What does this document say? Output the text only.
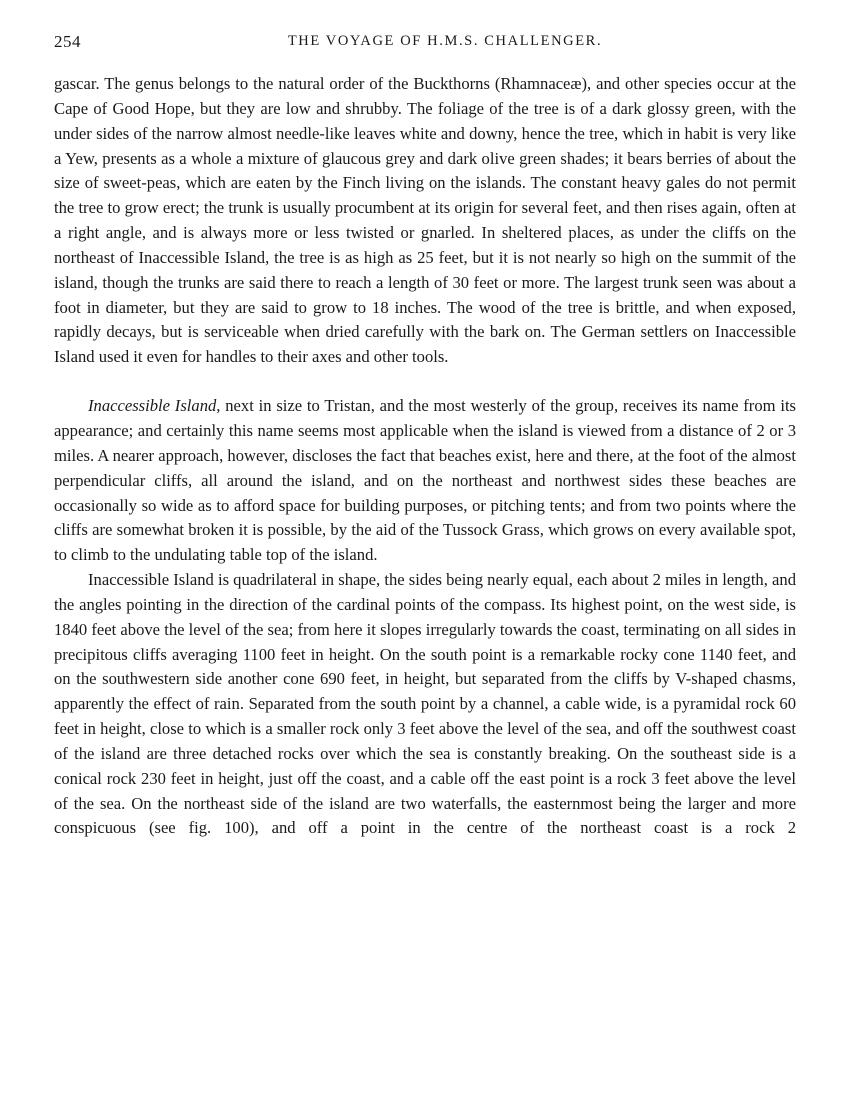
254	THE VOYAGE OF H.M.S. CHALLENGER.

gascar. The genus belongs to the natural order of the Buckthorns (Rhamnaceæ), and other species occur at the Cape of Good Hope, but they are low and shrubby. The foliage of the tree is of a dark glossy green, with the under sides of the narrow almost needle-like leaves white and downy, hence the tree, which in habit is very like a Yew, presents as a whole a mixture of glaucous grey and dark olive green shades; it bears berries of about the size of sweet-peas, which are eaten by the Finch living on the islands. The constant heavy gales do not permit the tree to grow erect; the trunk is usually procumbent at its origin for several feet, and then rises again, often at a right angle, and is always more or less twisted or gnarled. In sheltered places, as under the cliffs on the northeast of Inaccessible Island, the tree is as high as 25 feet, but it is not nearly so high on the summit of the island, though the trunks are said there to reach a length of 30 feet or more. The largest trunk seen was about a foot in diameter, but they are said to grow to 18 inches. The wood of the tree is brittle, and when exposed, rapidly decays, but is serviceable when dried carefully with the bark on. The German settlers on Inaccessible Island used it even for handles to their axes and other tools.

Inaccessible Island, next in size to Tristan, and the most westerly of the group, receives its name from its appearance; and certainly this name seems most applicable when the island is viewed from a distance of 2 or 3 miles. A nearer approach, however, discloses the fact that beaches exist, here and there, at the foot of the almost perpendicular cliffs, all around the island, and on the northeast and northwest sides these beaches are occasionally so wide as to afford space for building purposes, or pitching tents; and from two points where the cliffs are somewhat broken it is possible, by the aid of the Tussock Grass, which grows on every available spot, to climb to the undulating table top of the island.

Inaccessible Island is quadrilateral in shape, the sides being nearly equal, each about 2 miles in length, and the angles pointing in the direction of the cardinal points of the compass. Its highest point, on the west side, is 1840 feet above the level of the sea; from here it slopes irregularly towards the coast, terminating on all sides in precipitous cliffs averaging 1100 feet in height. On the south point is a remarkable rocky cone 1140 feet, and on the southwestern side another cone 690 feet, in height, but separated from the cliffs by V-shaped chasms, apparently the effect of rain. Separated from the south point by a channel, a cable wide, is a pyramidal rock 60 feet in height, close to which is a smaller rock only 3 feet above the level of the sea, and off the southwest coast of the island are three detached rocks over which the sea is constantly breaking. On the southeast side is a conical rock 230 feet in height, just off the coast, and a cable off the east point is a rock 3 feet above the level of the sea. On the northeast side of the island are two waterfalls, the easternmost being the larger and more conspicuous (see fig. 100), and off a point in the centre of the northeast coast is a rock 2
